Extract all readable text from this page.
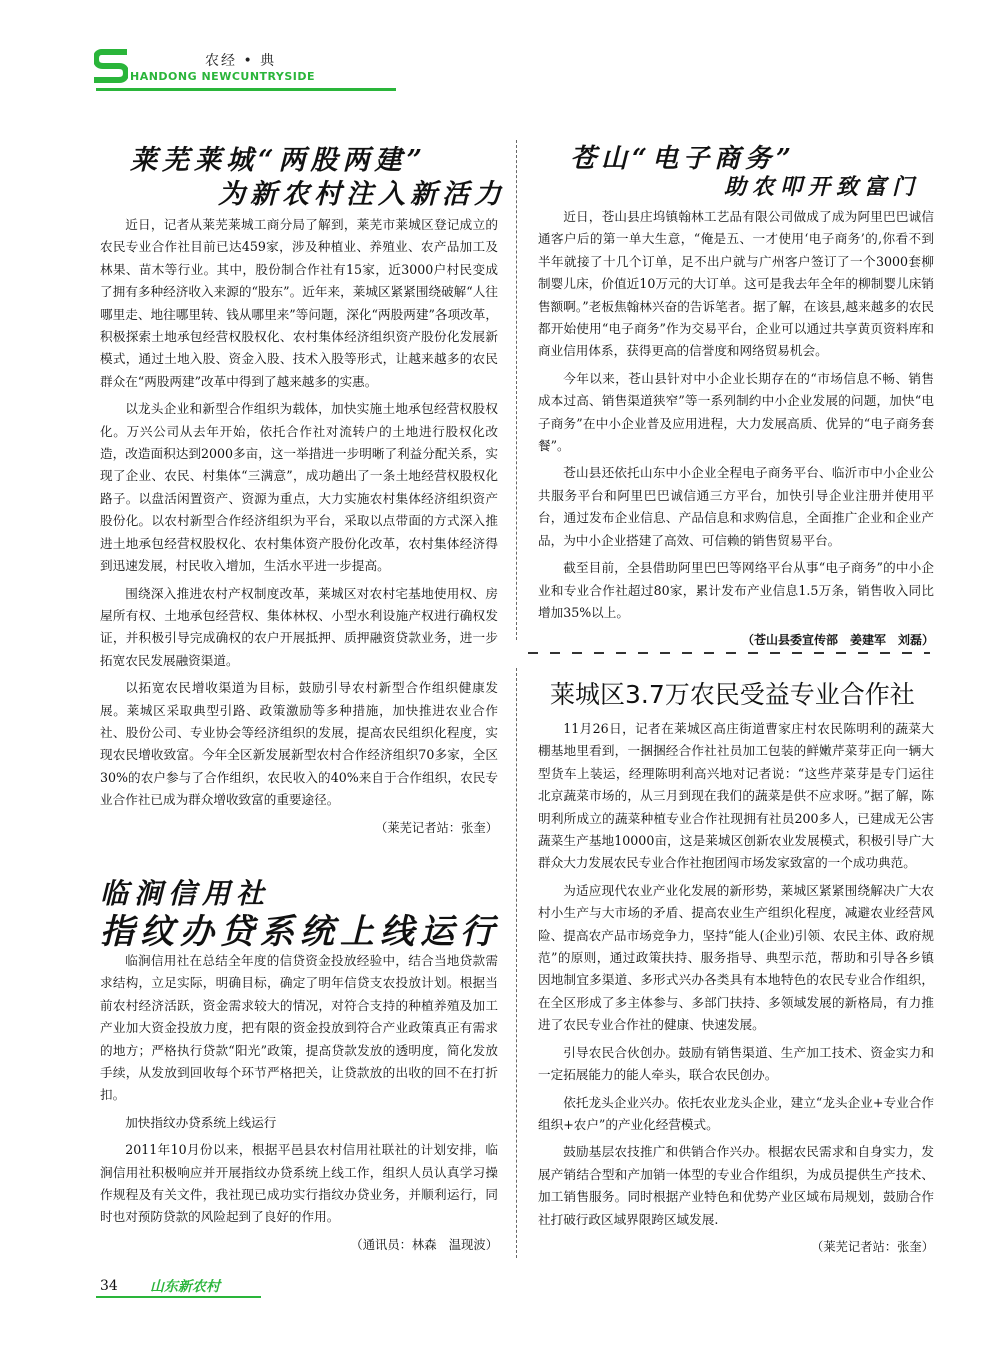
农经 • 典
HANDONG NEWCUNTRYSIDE
莱芜莱城“两股两建”
为新农村注入新活力

近日，记者从莱芜莱城工商分局了解到，莱芜市莱城区登记成立的农民专业合作社目前已达459家，涉及种植业、养殖业、农产品加工及林果、苗木等行业。其中，股份制合作社有15家，近3000户村民变成了拥有多种经济收入来源的“股东”。近年来，莱城区紧紧围绕破解“人往哪里走、地往哪里转、钱从哪里来”等问题，深化“两股两建”各项改革，积极探索土地承包经营权股权化、农村集体经济组织资产股份化发展新模式，通过土地入股、资金入股、技术入股等形式，让越来越多的农民群众在“两股两建”改革中得到了越来越多的实惠。

以龙头企业和新型合作组织为载体，加快实施土地承包经营权股权化。万兴公司从去年开始，依托合作社对流转户的土地进行股权化改造，改造面积达到2000多亩，这一举措进一步明晰了利益分配关系，实现了企业、农民、村集体“三满意”，成功趟出了一条土地经营权股权化路子。以盘活闲置资产、资源为重点，大力实施农村集体经济组织资产股份化。以农村新型合作经济组织为平台，采取以点带面的方式深入推进土地承包经营权股权化、农村集体资产股份化改革，农村集体经济得到迅速发展，村民收入增加，生活水平进一步提高。

围绕深入推进农村产权制度改革，莱城区对农村宅基地使用权、房屋所有权、土地承包经营权、集体林权、小型水利设施产权进行确权发证，并积极引导完成确权的农户开展抵押、质押融资贷款业务，进一步拓宽农民发展融资渠道。

以拓宽农民增收渠道为目标，鼓励引导农村新型合作组织健康发展。莱城区采取典型引路、政策激励等多种措施，加快推进农业合作社、股份公司、专业协会等经济组织的发展，提高农民组织化程度，实现农民增收致富。今年全区新发展新型农村合作经济组织70多家，全区30%的农户参与了合作组织，农民收入的40%来自于合作组织，农民专业合作社已成为群众增收致富的重要途径。

（莱芜记者站：张奎）
临涧信用社
指纹办贷系统上线运行

临涧信用社在总结全年度的信贷资金投放经验中，结合当地贷款需求结构，立足实际，明确目标，确定了明年信贷支农投放计划。根据当前农村经济活跃，资金需求较大的情况，对符合支持的种植养殖及加工产业加大资金投放力度，把有限的资金投放到符合产业政策真正有需求的地方；严格执行贷款“阳光”政策，提高贷款发放的透明度，简化发放手续，从发放到回收每个环节严格把关，让贷款放的出收的回不在打折扣。

加快指纹办贷系统上线运行

2011年10月份以来，根据平邑县农村信用社联社的计划安排，临涧信用社积极响应并开展指纹办贷系统上线工作，组织人员认真学习操作规程及有关文件，我社现已成功实行指纹办贷业务，并顺利运行，同时也对预防贷款的风险起到了良好的作用。

（通讯员：林森　温现波）
苍山“电子商务”
助农叩开致富门

近日，苍山县庄坞镇翰林工艺品有限公司做成了成为阿里巴巴诚信通客户后的第一单大生意，“俺是五、一才使用‘电子商务’的,你看不到半年就接了十几个订单，足不出户就与广州客户签订了一个3000套柳制婴儿床，价值近10万元的大订单。这可是我去年全年的柳制婴儿床销售额啊。”老板焦翰林兴奋的告诉笔者。据了解，在该县,越来越多的农民都开始使用“电子商务”作为交易平台，企业可以通过共享黄页资料库和商业信用体系，获得更高的信誉度和网络贸易机会。

今年以来，苍山县针对中小企业长期存在的“市场信息不畅、销售成本过高、销售渠道狭窄”等一系列制约中小企业发展的问题，加快“电子商务”在中小企业普及应用进程，大力发展高质、优异的“电子商务套餐”。

苍山县还依托山东中小企业全程电子商务平台、临沂市中小企业公共服务平台和阿里巴巴诚信通三方平台，加快引导企业注册并使用平台，通过发布企业信息、产品信息和求购信息，全面推广企业和企业产品，为中小企业搭建了高效、可信赖的销售贸易平台。

截至目前，全县借助阿里巴巴等网络平台从事“电子商务”的中小企业和专业合作社超过80家，累计发布产业信息1.5万条，销售收入同比增加35%以上。

（苍山县委宣传部　姜建军　刘磊）
莱城区3.7万农民受益专业合作社

11月26日，记者在莱城区高庄街道曹家庄村农民陈明利的蔬菜大棚基地里看到，一捆捆经合作社社员加工包装的鲜嫩芹菜芽正向一辆大型货车上装运，经理陈明利高兴地对记者说：“这些芹菜芽是专门运往北京蔬菜市场的，从三月到现在我们的蔬菜是供不应求呀。”据了解，陈明利所成立的蔬菜种植专业合作社现拥有社员200多人，已建成无公害蔬菜生产基地10000亩，这是莱城区创新农业发展模式，积极引导广大群众大力发展农民专业合作社抱团闯市场发家致富的一个成功典范。

为适应现代农业产业化发展的新形势，莱城区紧紧围绕解决广大农村小生产与大市场的矛盾、提高农业生产组织化程度，减避农业经营风险、提高农产品市场竞争力，坚持“能人(企业)引领、农民主体、政府规范”的原则，通过政策扶持、服务指导、典型示范，帮助和引导各乡镇因地制宜多渠道、多形式兴办各类具有本地特色的农民专业合作组织，在全区形成了多主体参与、多部门扶持、多领域发展的新格局，有力推进了农民专业合作社的健康、快速发展。

引导农民合伙创办。鼓励有销售渠道、生产加工技术、资金实力和一定拓展能力的能人牵头，联合农民创办。

依托龙头企业兴办。依托农业龙头企业，建立“龙头企业+专业合作组织+农户”的产业化经营模式。

鼓励基层农技推广和供销合作兴办。根据农民需求和自身实力，发展产销结合型和产加销一体型的专业合作组织，为成员提供生产技术、加工销售服务。同时根据产业特色和优势产业区域布局规划，鼓励合作社打破行政区域界限跨区域发展.

（莱芜记者站：张奎）
34 山东新农村
